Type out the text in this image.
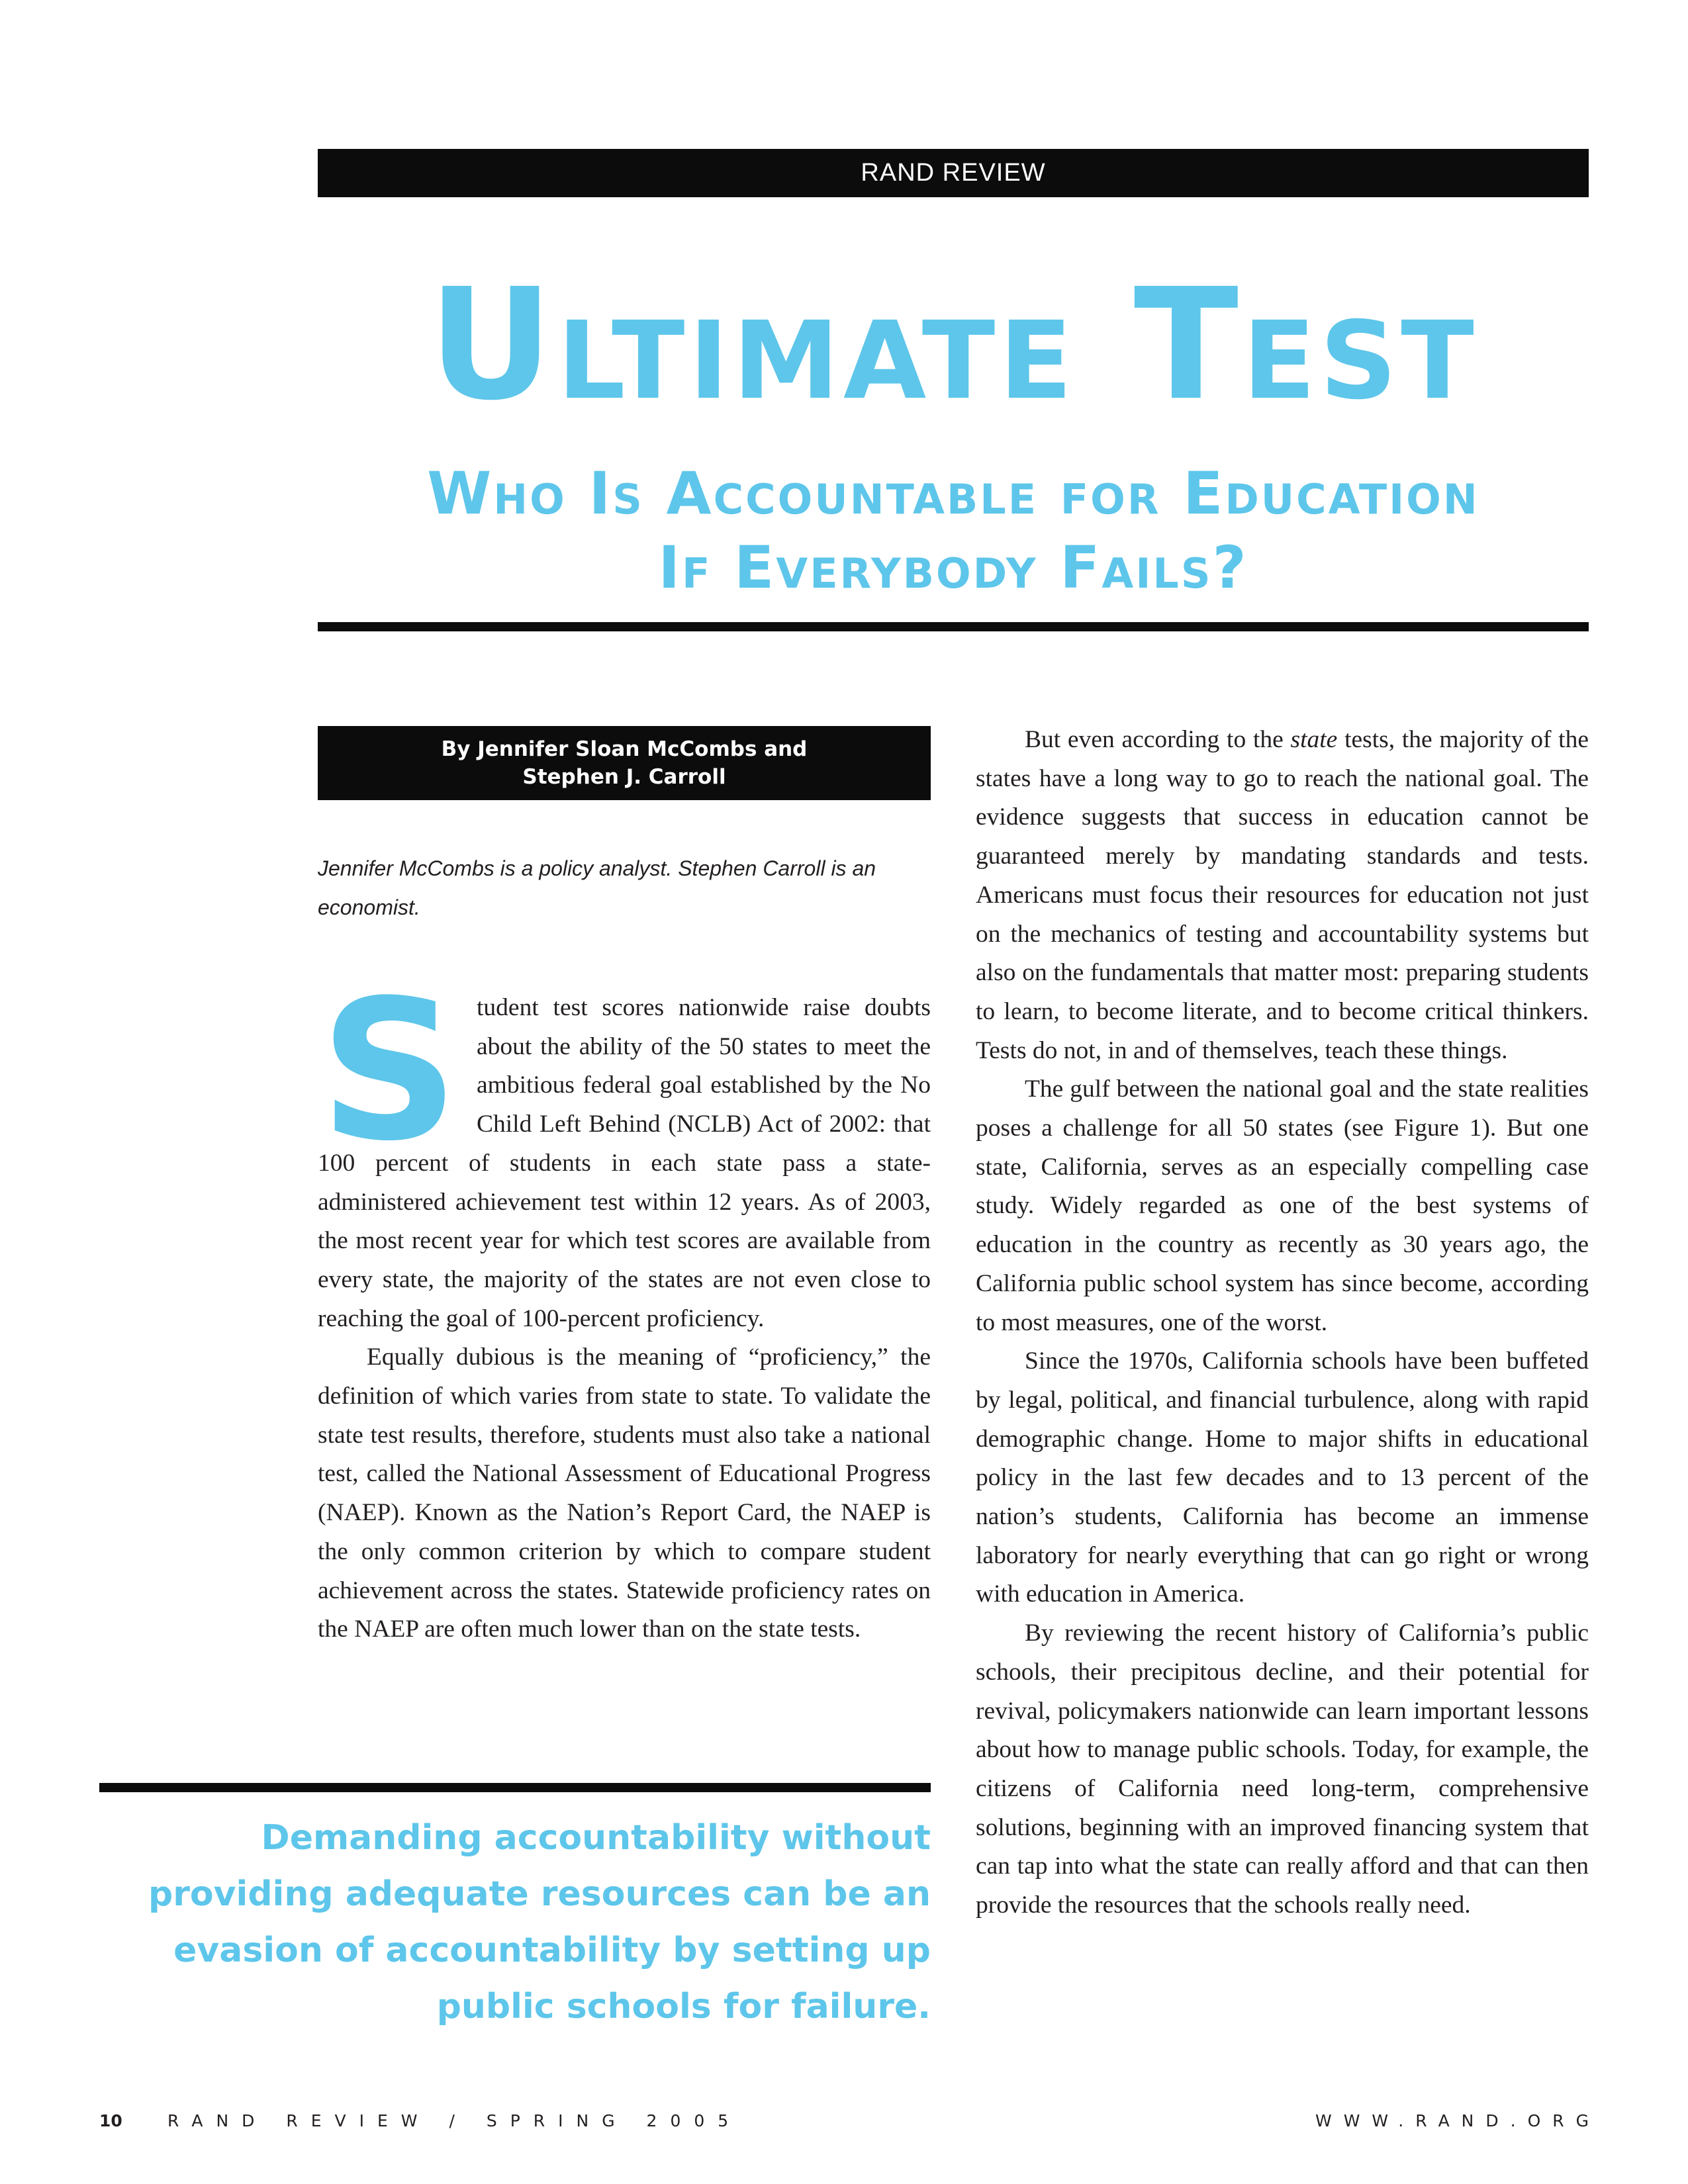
RAND REVIEW
Ultimate Test
Who Is Accountable for Education
If Everybody Fails?
By Jennifer Sloan McCombs and
Stephen J. Carroll

Jennifer McCombs is a policy analyst. Stephen Carroll is an economist.

S tudent test scores nationwide raise doubts about the ability of the 50 states to meet the ambitious federal goal established by the No Child Left Behind (NCLB) Act of 2002: that 100 percent of students in each state pass a state-administered achievement test within 12 years. As of 2003, the most recent year for which test scores are available from every state, the majority of the states are not even close to reaching the goal of 100-percent proficiency.

Equally dubious is the meaning of “proficiency,” the definition of which varies from state to state. To validate the state test results, therefore, students must also take a national test, called the National Assessment of Educational Progress (NAEP). Known as the Nation’s Report Card, the NAEP is the only common criterion by which to compare student achievement across the states. Statewide proficiency rates on the NAEP are often much lower than on the state tests.

But even according to the state tests, the majority of the states have a long way to go to reach the national goal. The evidence suggests that success in education cannot be guaranteed merely by mandating standards and tests. Americans must focus their resources for education not just on the mechanics of testing and accountability systems but also on the fundamentals that matter most: preparing students to learn, to become literate, and to become critical thinkers. Tests do not, in and of themselves, teach these things.

The gulf between the national goal and the state realities poses a challenge for all 50 states (see Figure 1). But one state, California, serves as an especially compelling case study. Widely regarded as one of the best systems of education in the country as recently as 30 years ago, the California public school system has since become, according to most measures, one of the worst.

Since the 1970s, California schools have been buffeted by legal, political, and financial turbulence, along with rapid demographic change. Home to major shifts in educational policy in the last few decades and to 13 percent of the nation’s students, California has become an immense laboratory for nearly everything that can go right or wrong with education in America.

By reviewing the recent history of California’s public schools, their precipitous decline, and their potential for revival, policymakers nationwide can learn important lessons about how to manage public schools. Today, for example, the citizens of California need long-term, comprehensive solutions, beginning with an improved financing system that can tap into what the state can really afford and that can then provide the resources that the schools really need.

Demanding accountability without providing adequate resources can be an evasion of accountability by setting up public schools for failure.

10	RAND REVIEW / SPRING 2005	WWW.RAND.ORG
